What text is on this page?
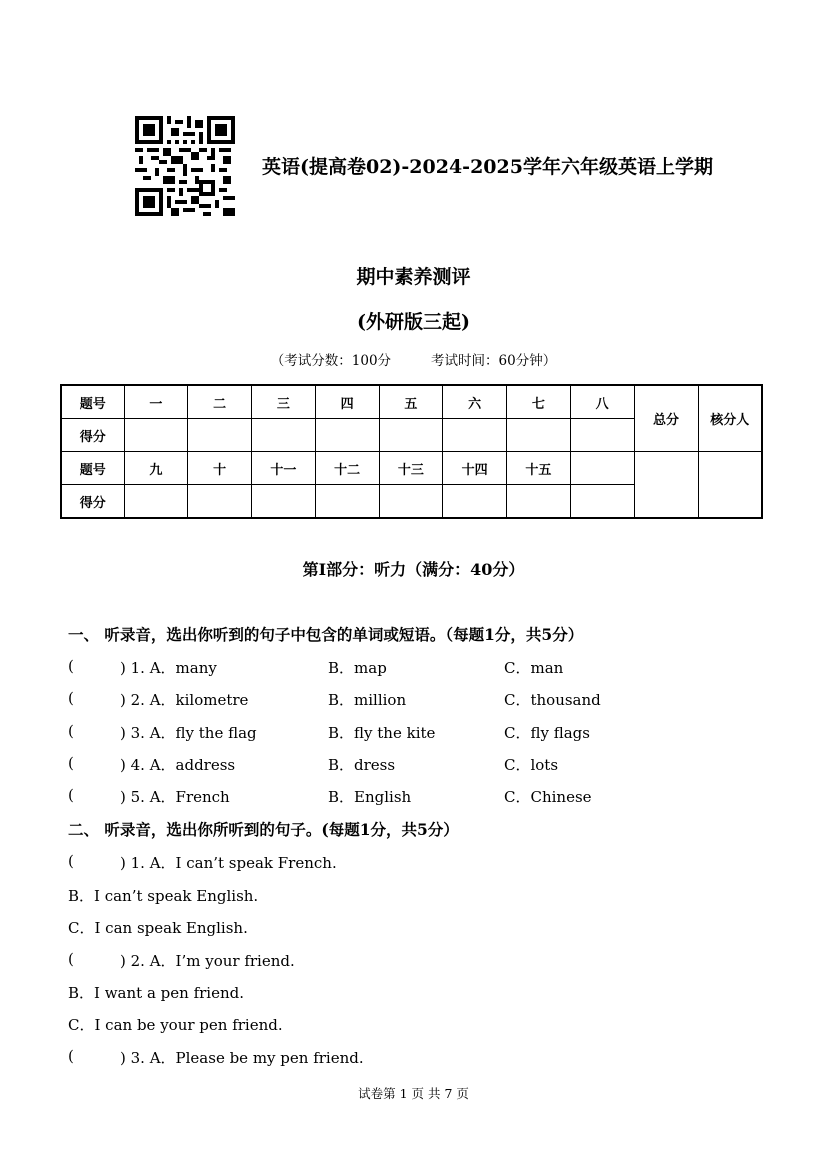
英语(提高卷02)-2024-2025学年六年级英语上学期
期中素养测评
(外研版三起)
（考试分数：100分	考试时间：60分钟）
题号	一	二	三	四	五	六	七	八	总分	核分人
得分										
题号	九	十	十一	十二	十三	十四	十五			
得分										
第I部分：听力（满分：40分）
一、 听录音，选出你听到的句子中包含的单词或短语。（每题1分，共5分）
(	) 1. A．many	B．map	C．man
(	) 2. A．kilometre	B．million	C．thousand
(	) 3. A．fly the flag	B．fly the kite	C．fly flags
(	) 4. A．address	B．dress	C．lots
(	) 5. A．French	B．English	C．Chinese
二、 听录音，选出你所听到的句子。(每题1分，共5分）
(	) 1. A．I can’t speak French.
B．I can’t speak English.
C．I can speak English.
(	) 2. A．I’m your friend.
B．I want a pen friend.
C．I can be your pen friend.
(	) 3. A．Please be my pen friend.
试卷第 1 页 共 7 页
